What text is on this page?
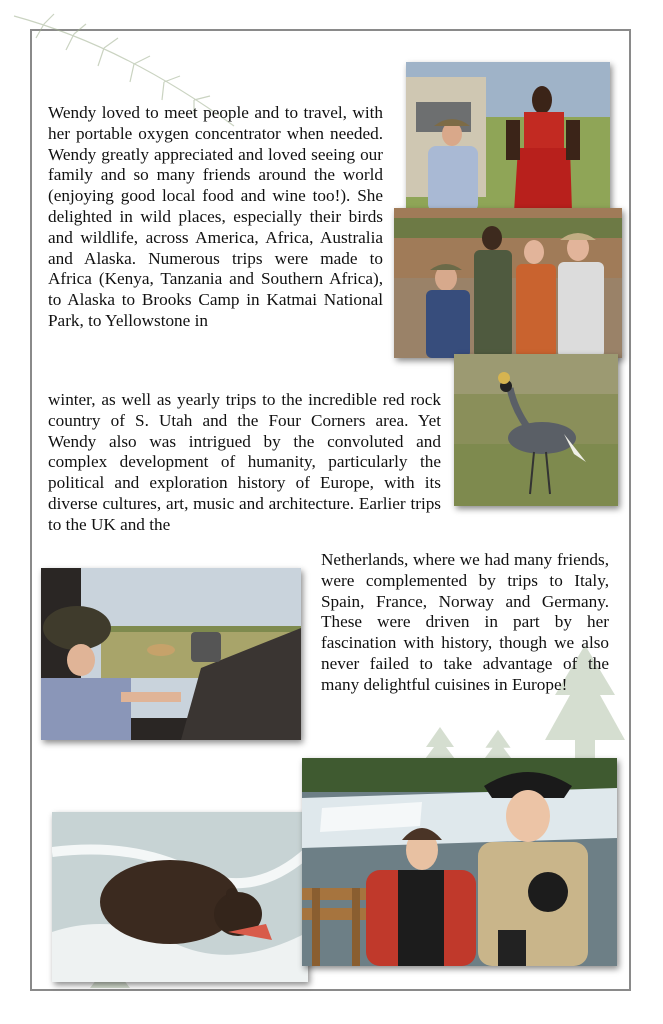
Wendy loved to meet people and to travel, with her portable oxygen concentrator when needed. Wendy greatly appreciated and loved seeing our family and so many friends around the world (enjoying good local food and wine too!). She delighted in wild places, especially their birds and wildlife, across America, Africa, Australia and Alaska. Numerous trips were made to Africa (Kenya, Tanzania and Southern Africa), to Alaska to Brooks Camp in Katmai National Park, to Yellowstone in

winter, as well as yearly trips to the incredible red rock country of S. Utah and the Four Corners area. Yet Wendy also was intrigued by the convoluted and complex development of humanity, particularly the political and exploration history of Europe, with its diverse cultures, art, music and architecture. Earlier trips to the UK and the

Netherlands, where we had many friends, were complemented by trips to Italy, Spain, France, Norway and Germany. These were driven in part by her fascination with history, though we also never failed to take advantage of the many delightful cuisines in Europe!
